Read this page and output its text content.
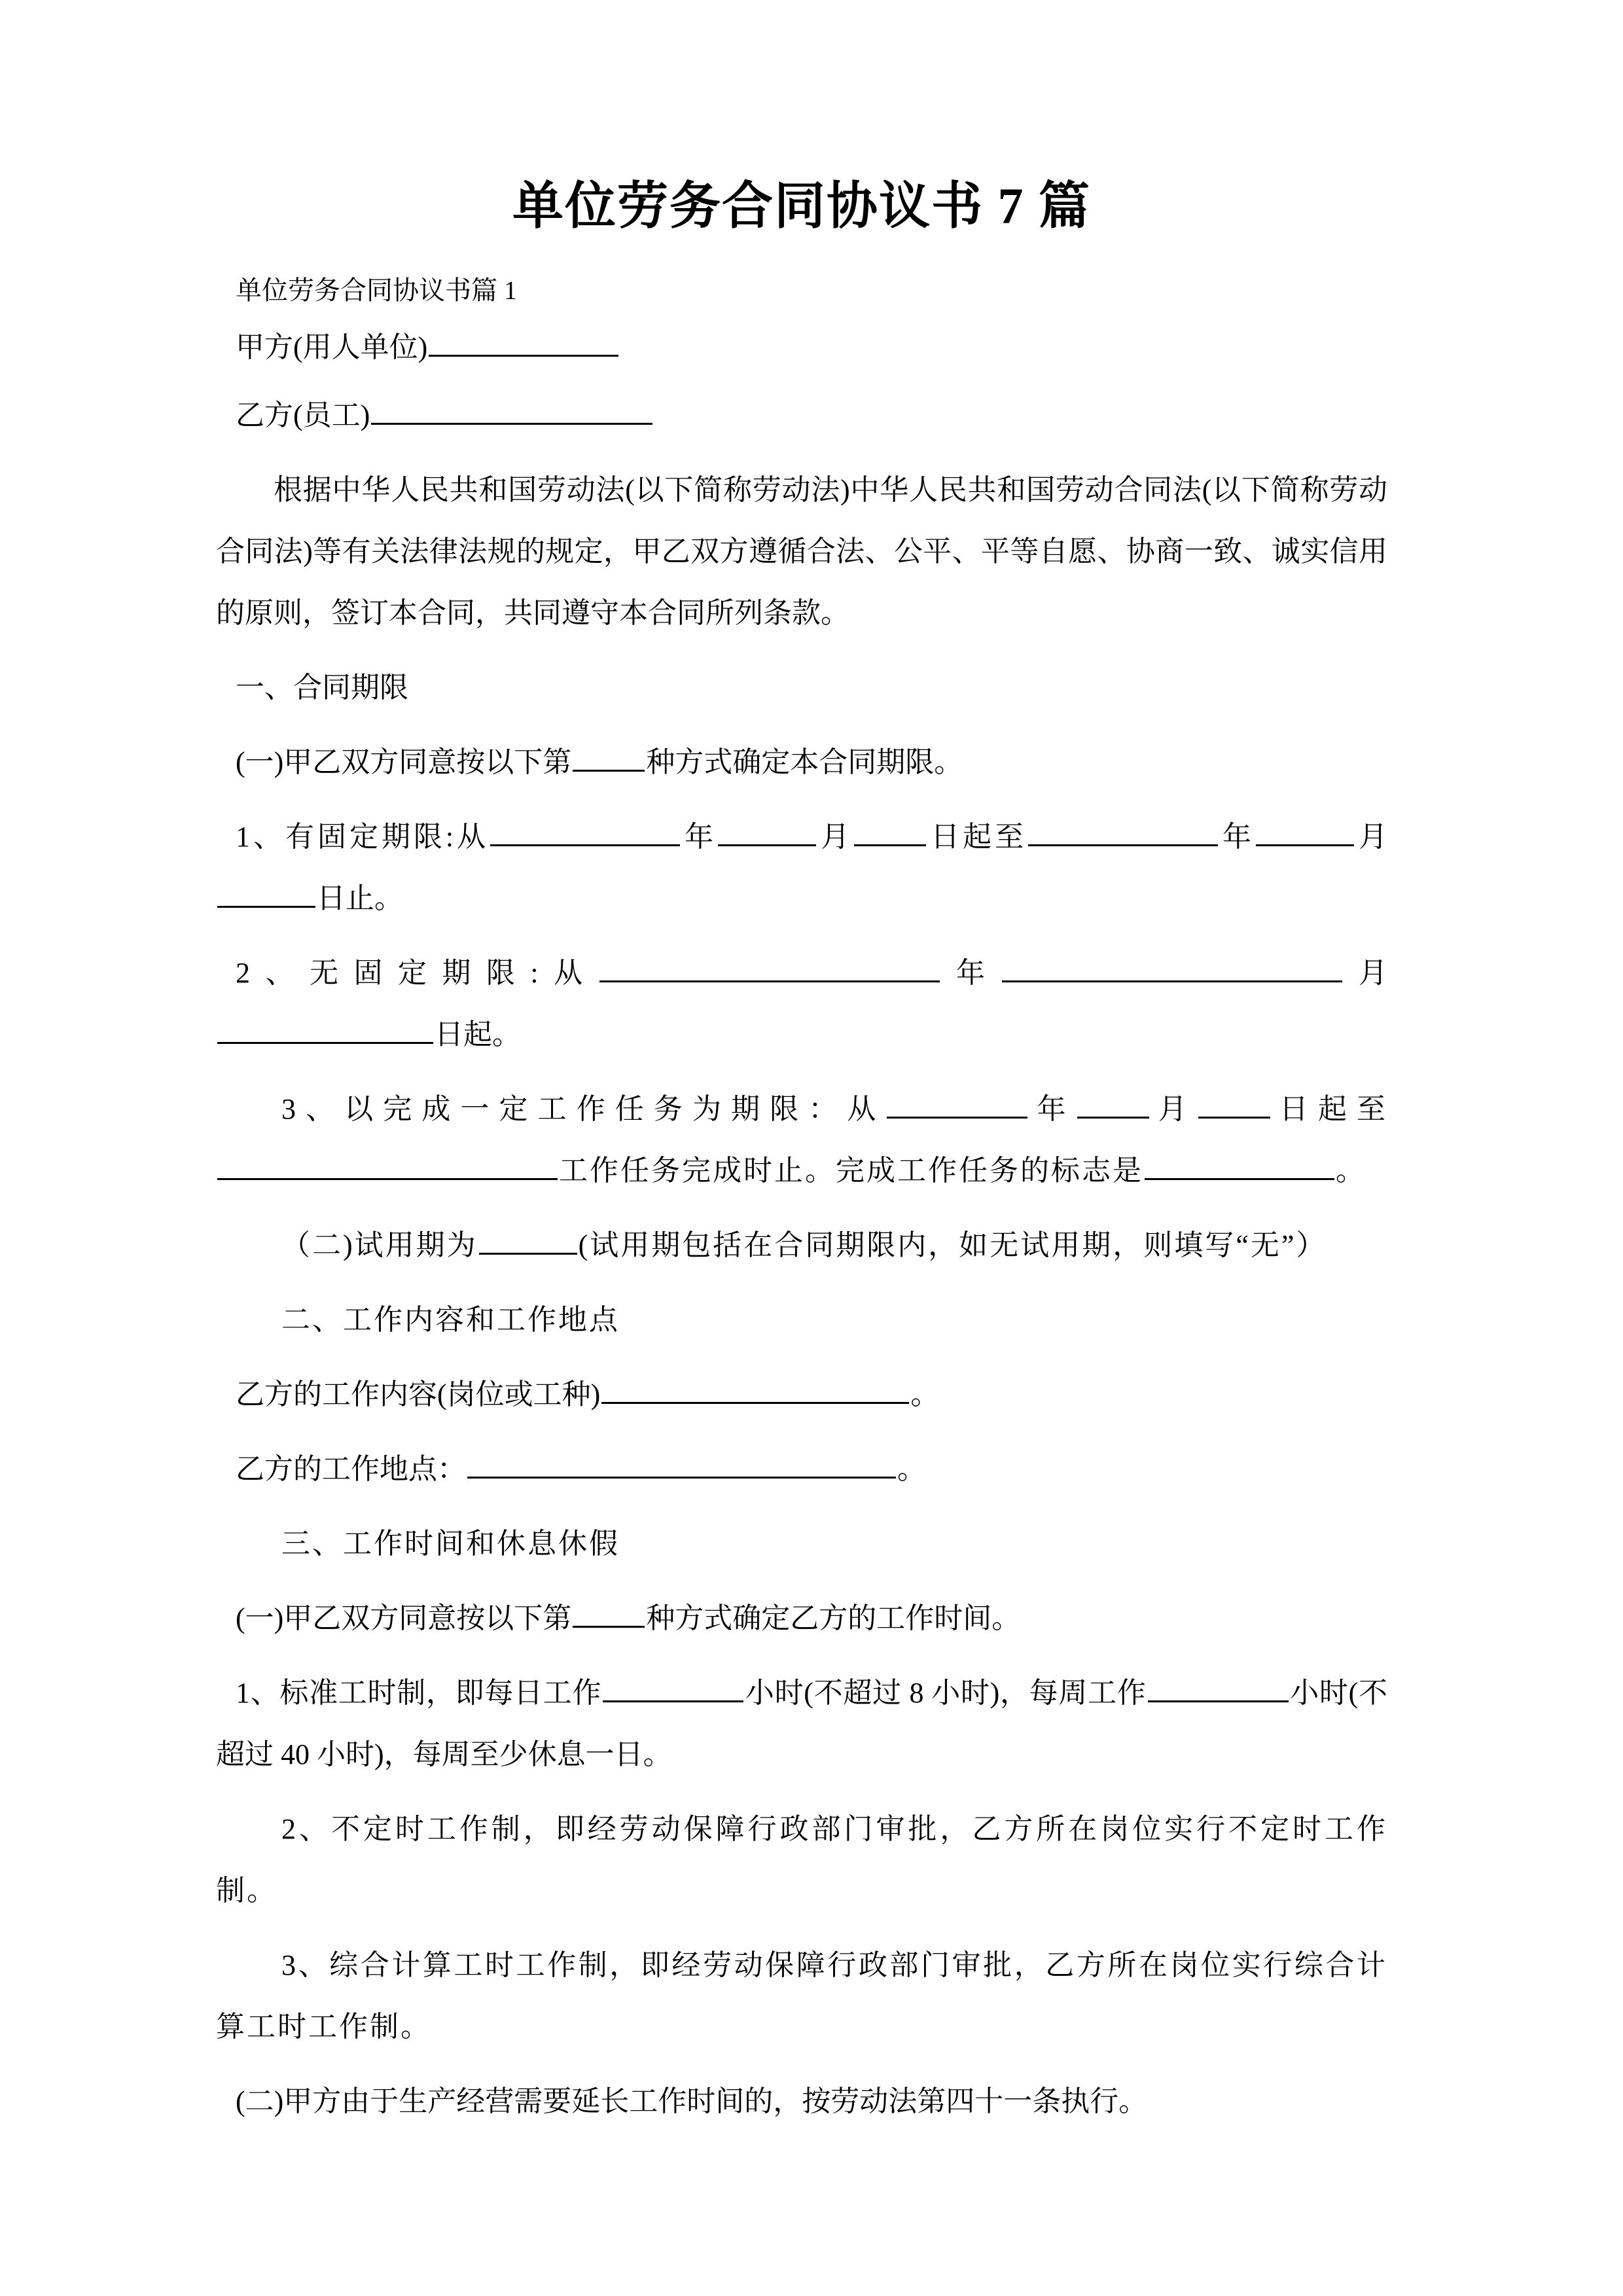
单位劳务合同协议书 7 篇

单位劳务合同协议书篇 1

甲方(用人单位)

乙方(员工)

根据中华人民共和国劳动法(以下简称劳动法)中华人民共和国劳动合同法(以下简称劳动合同法)等有关法律法规的规定，甲乙双方遵循合法、公平、平等自愿、协商一致、诚实信用的原则，签订本合同，共同遵守本合同所列条款。

一、合同期限

(一)甲乙双方同意按以下第	种方式确定本合同期限。

1、有固定期限:从	年	月	日起至	年	月日止。

2、无固定期限:从	年	月日起。

3、以完成一定工作任务为期限：从	年	月	日起至工作任务完成时止。完成工作任务的标志是	。

（二)试用期为	(试用期包括在合同期限内，如无试用期，则填写“无”）

二、工作内容和工作地点

乙方的工作内容(岗位或工种)	。

乙方的工作地点：	。

三、工作时间和休息休假

(一)甲乙双方同意按以下第	种方式确定乙方的工作时间。

1、标准工时制，即每日工作	小时(不超过 8 小时)，每周工作	小时(不超过 40 小时)，每周至少休息一日。

2、不定时工作制，即经劳动保障行政部门审批，乙方所在岗位实行不定时工作制。

3、综合计算工时工作制，即经劳动保障行政部门审批，乙方所在岗位实行综合计算工时工作制。

(二)甲方由于生产经营需要延长工作时间的，按劳动法第四十一条执行。
